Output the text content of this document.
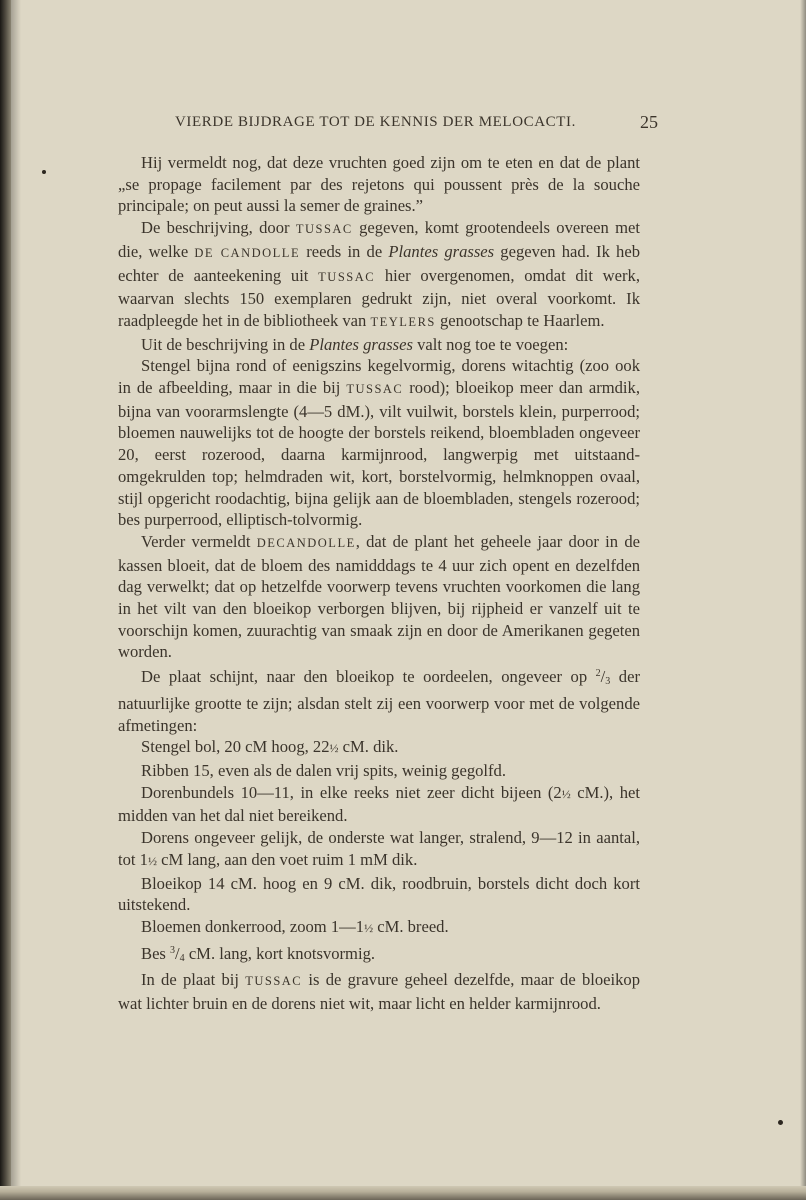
VIERDE BIJDRAGE TOT DE KENNIS DER MELOCACTI.	25

Hij vermeldt nog, dat deze vruchten goed zijn om te eten en dat de plant „se propage facilement par des rejetons qui poussent près de la souche principale; on peut aussi la semer de graines.”

De beschrijving, door TUSSAC gegeven, komt grootendeels overeen met die, welke DE CANDOLLE reeds in de Plantes grasses gegeven had. Ik heb echter de aanteekening uit TUSSAC hier overgenomen, omdat dit werk, waarvan slechts 150 exemplaren gedrukt zijn, niet overal voorkomt. Ik raadpleegde het in de bibliotheek van TEYLERS genootschap te Haarlem.

Uit de beschrijving in de Plantes grasses valt nog toe te voegen:

Stengel bijna rond of eenigszins kegelvormig, dorens witachtig (zoo ook in de afbeelding, maar in die bij TUSSAC rood); bloeikop meer dan armdik, bijna van voorarmslengte (4—5 dM.), vilt vuilwit, borstels klein, purperrood; bloemen nauwelijks tot de hoogte der borstels reikend, bloembladen ongeveer 20, eerst rozerood, daarna karmijnrood, langwerpig met uitstaand-omgekrulden top; helmdraden wit, kort, borstelvormig, helmknoppen ovaal, stijl opgericht roodachtig, bijna gelijk aan de bloembladen, stengels rozerood; bes purperrood, elliptisch-tolvormig.

Verder vermeldt DECANDOLLE, dat de plant het geheele jaar door in de kassen bloeit, dat de bloem des namidddags te 4 uur zich opent en dezelfden dag verwelkt; dat op hetzelfde voorwerp tevens vruchten voorkomen die lang in het vilt van den bloeikop verborgen blijven, bij rijpheid er vanzelf uit te voorschijn komen, zuurachtig van smaak zijn en door de Amerikanen gegeten worden.

De plaat schijnt, naar den bloeikop te oordeelen, ongeveer op $^2/_3$ der natuurlijke grootte te zijn; alsdan stelt zij een voorwerp voor met de volgende afmetingen:

Stengel bol, 20 cM hoog, 22½ cM. dik.

Ribben 15, even als de dalen vrij spits, weinig gegolfd.

Dorenbundels 10—11, in elke reeks niet zeer dicht bijeen (2½ cM.), het midden van het dal niet bereikend.

Dorens ongeveer gelijk, de onderste wat langer, stralend, 9—12 in aantal, tot 1½ cM lang, aan den voet ruim 1 mM dik.

Bloeikop 14 cM. hoog en 9 cM. dik, roodbruin, borstels dicht doch kort uitstekend.

Bloemen donkerrood, zoom 1—1½ cM. breed.

Bes $^3/_4$ cM. lang, kort knotsvormig.

In de plaat bij TUSSAC is de gravure geheel dezelfde, maar de bloeikop wat lichter bruin en de dorens niet wit, maar licht en helder karmijnrood.
